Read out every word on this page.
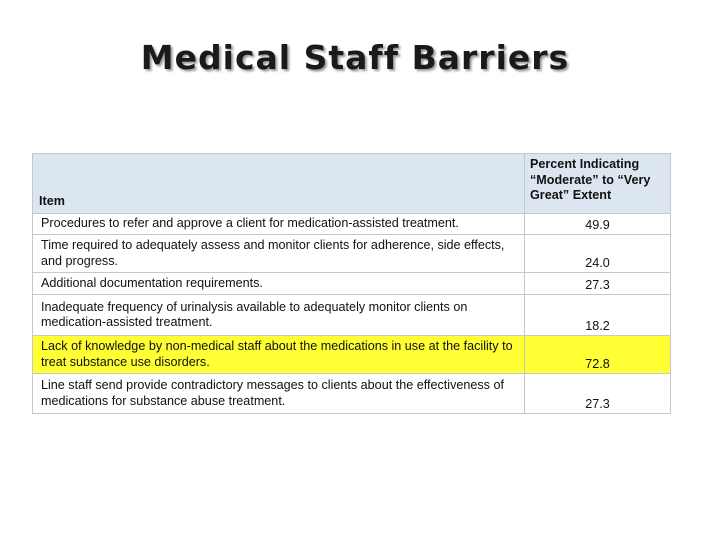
Medical Staff Barriers
Item	Percent Indicating “Moderate” to “Very Great” Extent
Procedures to refer and approve a client for medication-assisted treatment.	49.9
Time required to adequately assess and monitor clients for adherence, side effects, and progress.	24.0
Additional documentation requirements.	27.3
Inadequate frequency of urinalysis available to adequately monitor clients on medication-assisted treatment.	18.2
Lack of knowledge by non-medical staff about the medications in use at the facility to treat substance use disorders.	72.8
Line staff send provide contradictory messages to clients about the effectiveness of medications for substance abuse treatment.	27.3
